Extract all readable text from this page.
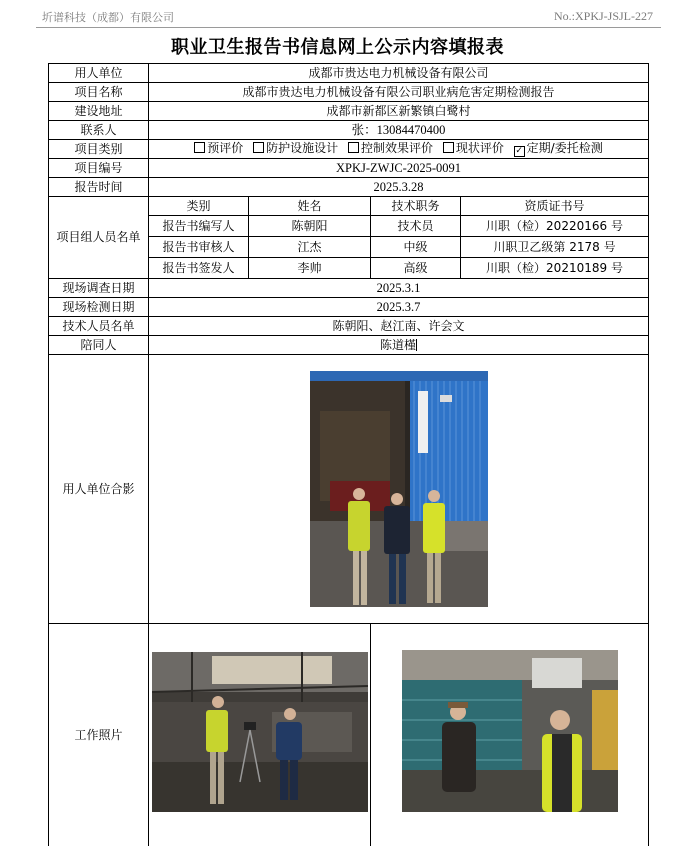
圻谱科技（成都）有限公司	No.:XPKJ-JSJL-227
职业卫生报告书信息网上公示内容填报表
用人单位	成都市贵达电力机械设备有限公司			
项目名称	成都市贵达电力机械设备有限公司职业病危害定期检测报告			
建设地址	成都市新都区新繁镇白鹭村			
联系人	张：13084470400			
项目类别	预评价 防护设施设计 控制效果评价 现状评价 ✓ 定期/委托检测			
项目编号	XPKJ-ZWJC-2025-0091			
报告时间	2025.3.28			
项目组人员名单	类别	姓名	技术职务	资质证书号
	报告书编写人	陈朝阳	技术员	川职（检）20220166 号
	报告书审核人	江杰	中级	川职卫乙级第 2178 号
	报告书签发人	李帅	高级	川职（检）20210189 号
现场调查日期	2025.3.1			
现场检测日期	2025.3.7			
技术人员名单	陈朝阳、赵江南、许会文			
陪同人	陈道槿			
用人单位合影	

工作照片	
